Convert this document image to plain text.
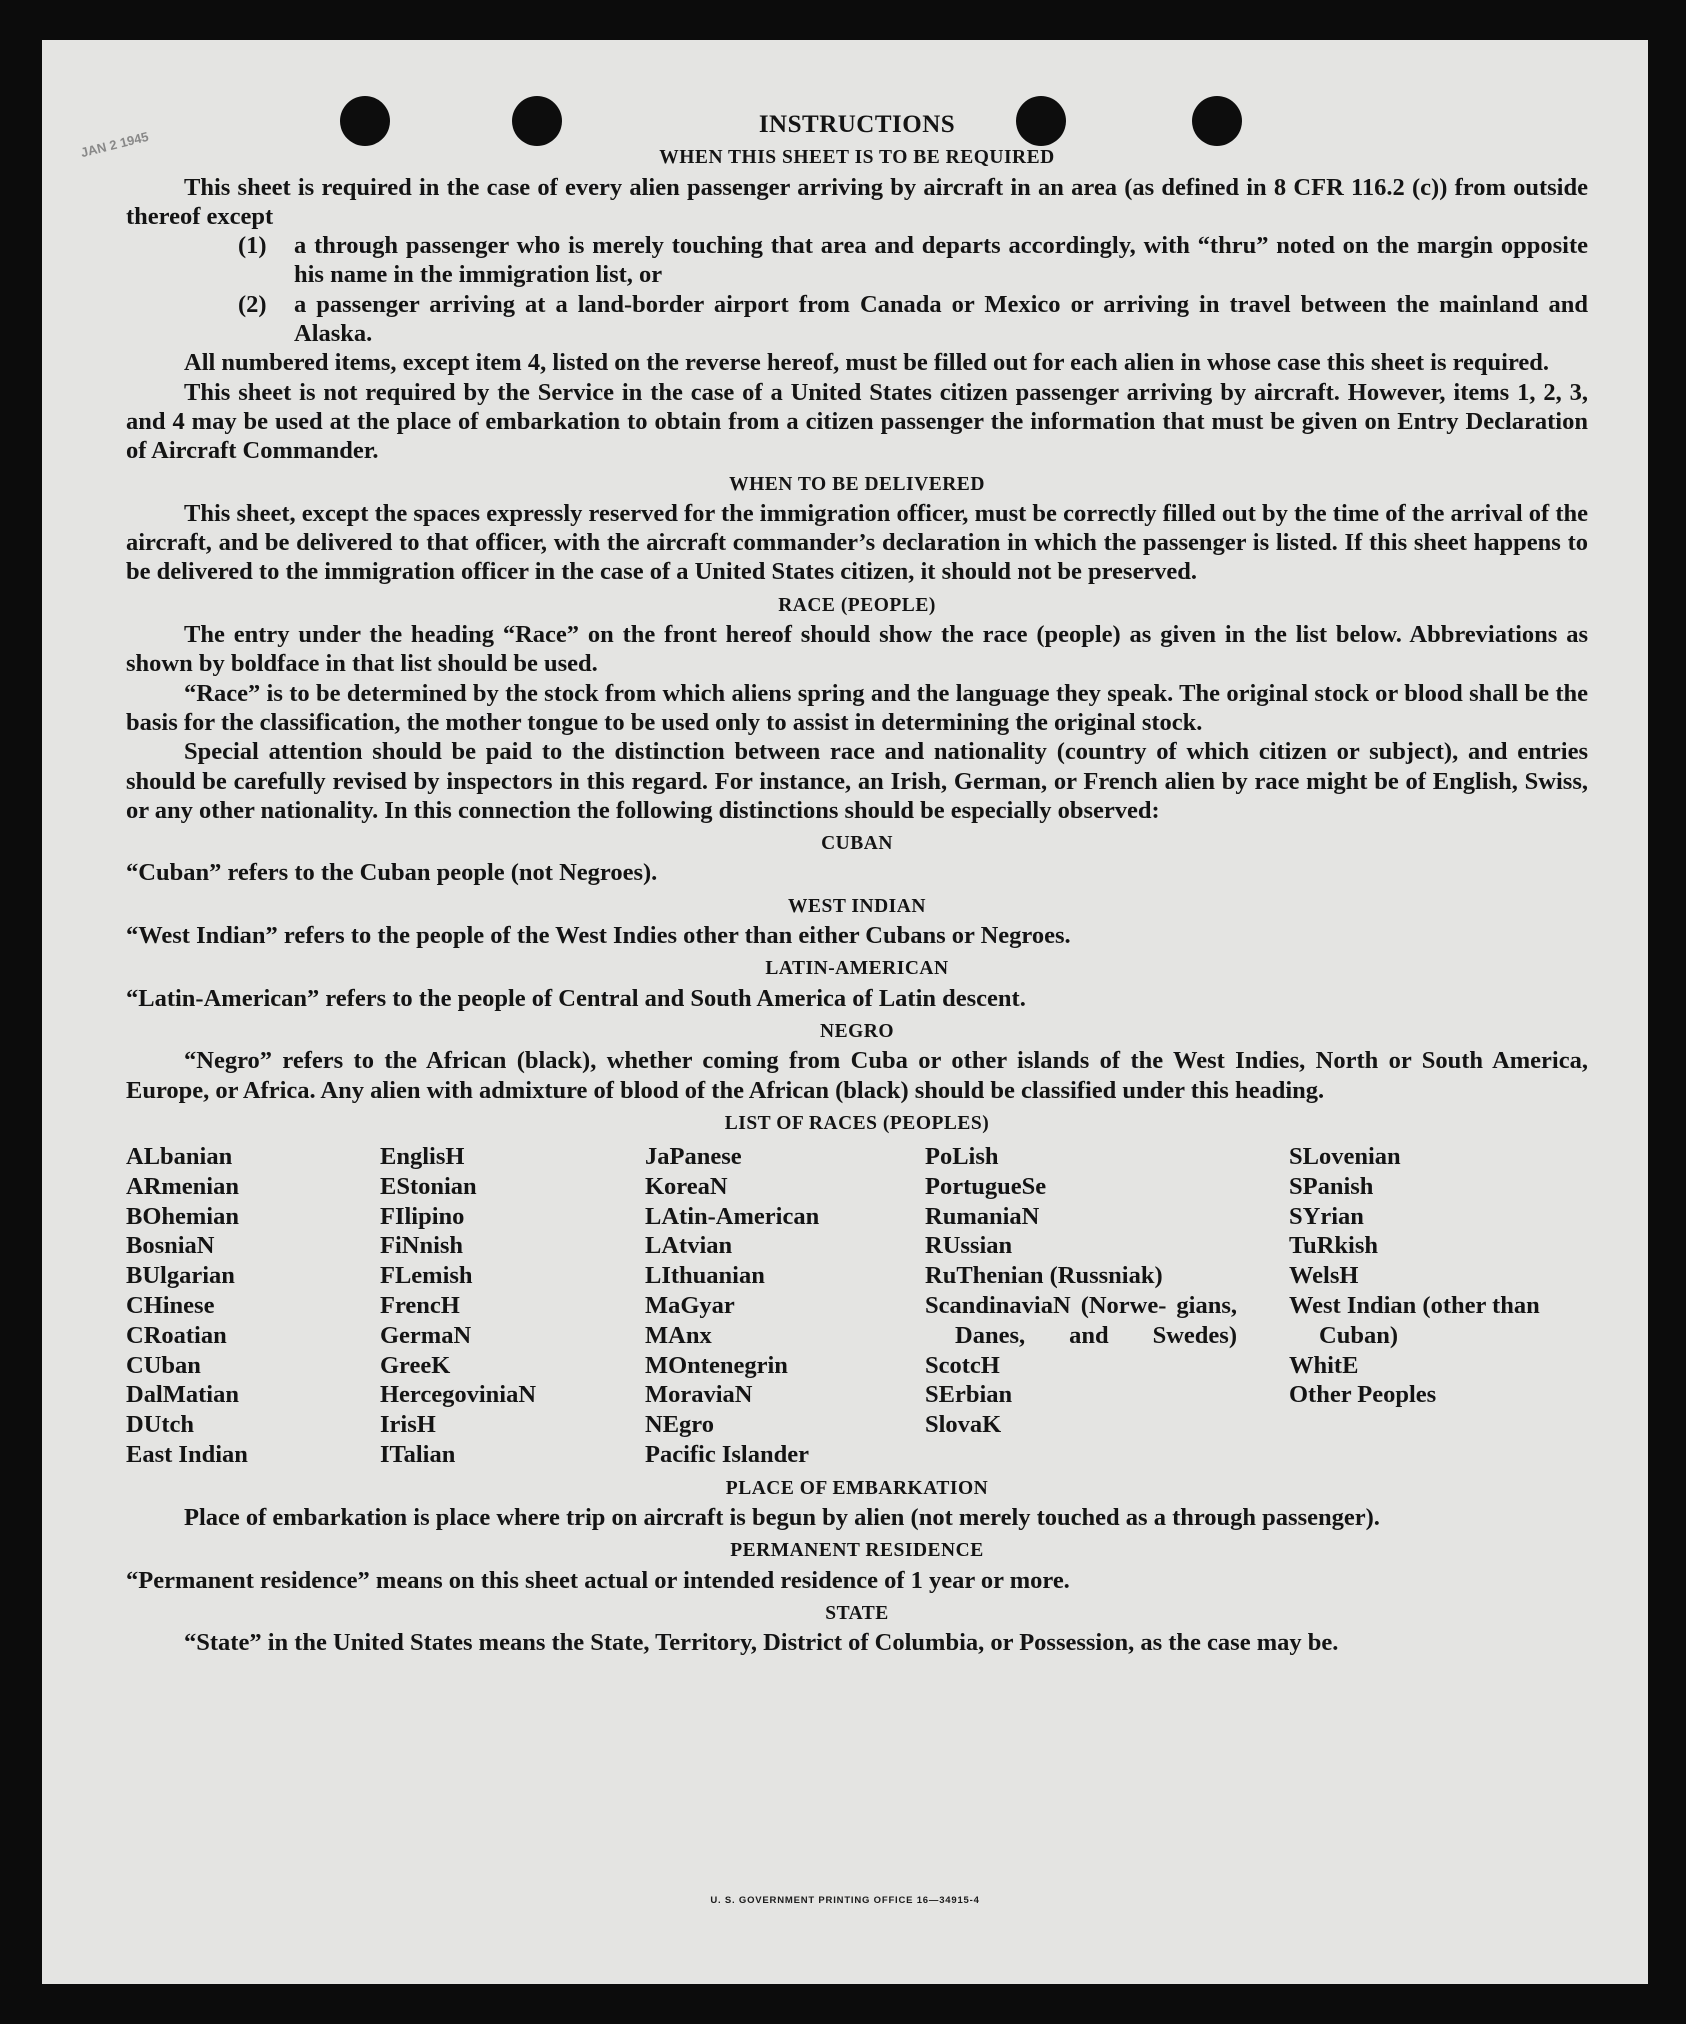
JAN 2 1945
INSTRUCTIONS
WHEN THIS SHEET IS TO BE REQUIRED

This sheet is required in the case of every alien passenger arriving by aircraft in an area (as defined in 8 CFR 116.2 (c)) from outside thereof except

(1)	a through passenger who is merely touching that area and departs accordingly, with “thru” noted on the margin opposite his name in the immigration list, or
(2)	a passenger arriving at a land-border airport from Canada or Mexico or arriving in travel between the mainland and Alaska.

All numbered items, except item 4, listed on the reverse hereof, must be filled out for each alien in whose case this sheet is required.

This sheet is not required by the Service in the case of a United States citizen passenger arriving by aircraft. However, items 1, 2, 3, and 4 may be used at the place of embarkation to obtain from a citizen passenger the information that must be given on Entry Declaration of Aircraft Commander.

WHEN TO BE DELIVERED

This sheet, except the spaces expressly reserved for the immigration officer, must be correctly filled out by the time of the arrival of the aircraft, and be delivered to that officer, with the aircraft commander’s declaration in which the passenger is listed. If this sheet happens to be delivered to the immigration officer in the case of a United States citizen, it should not be preserved.

RACE (PEOPLE)

The entry under the heading “Race” on the front hereof should show the race (people) as given in the list below. Abbreviations as shown by boldface in that list should be used.

“Race” is to be determined by the stock from which aliens spring and the language they speak. The original stock or blood shall be the basis for the classification, the mother tongue to be used only to assist in determining the original stock.

Special attention should be paid to the distinction between race and nationality (country of which citizen or subject), and entries should be carefully revised by inspectors in this regard. For instance, an Irish, German, or French alien by race might be of English, Swiss, or any other nationality. In this connection the following distinctions should be especially observed:

CUBAN

“Cuban” refers to the Cuban people (not Negroes).

WEST INDIAN

“West Indian” refers to the people of the West Indies other than either Cubans or Negroes.

LATIN-AMERICAN

“Latin-American” refers to the people of Central and South America of Latin descent.

NEGRO

“Negro” refers to the African (black), whether coming from Cuba or other islands of the West Indies, North or South America, Europe, or Africa. Any alien with admixture of blood of the African (black) should be classified under this heading.

LIST OF RACES (PEOPLES)
ALbanian
ARmenian
BOhemian
BosniaN
BUlgarian
CHinese
CRoatian
CUban
DalMatian
DUtch
East Indian
EnglisH
EStonian
FIlipino
FiNnish
FLemish
FrencH
GermaN
GreeK
HercegoviniaN
IrisH
ITalian
JaPanese
KoreaN
LAtin-American
LAtvian
LIthuanian
MaGyar
MAnx
MOntenegrin
MoraviaN
NEgro
Pacific Islander
PoLish
PortugueSe
RumaniaN
RUssian
RuThenian (Russniak)
ScandinaviaN (Norwe- gians, Danes, and Swedes)
ScotcH
SErbian
SlovaK
SLovenian
SPanish
SYrian
TuRkish
WelsH
West Indian (other than Cuban)
WhitE
Other Peoples
PLACE OF EMBARKATION

Place of embarkation is place where trip on aircraft is begun by alien (not merely touched as a through passenger).

PERMANENT RESIDENCE

“Permanent residence” means on this sheet actual or intended residence of 1 year or more.

STATE

“State” in the United States means the State, Territory, District of Columbia, or Possession, as the case may be.

U. S. GOVERNMENT PRINTING OFFICE 16—34915-4
